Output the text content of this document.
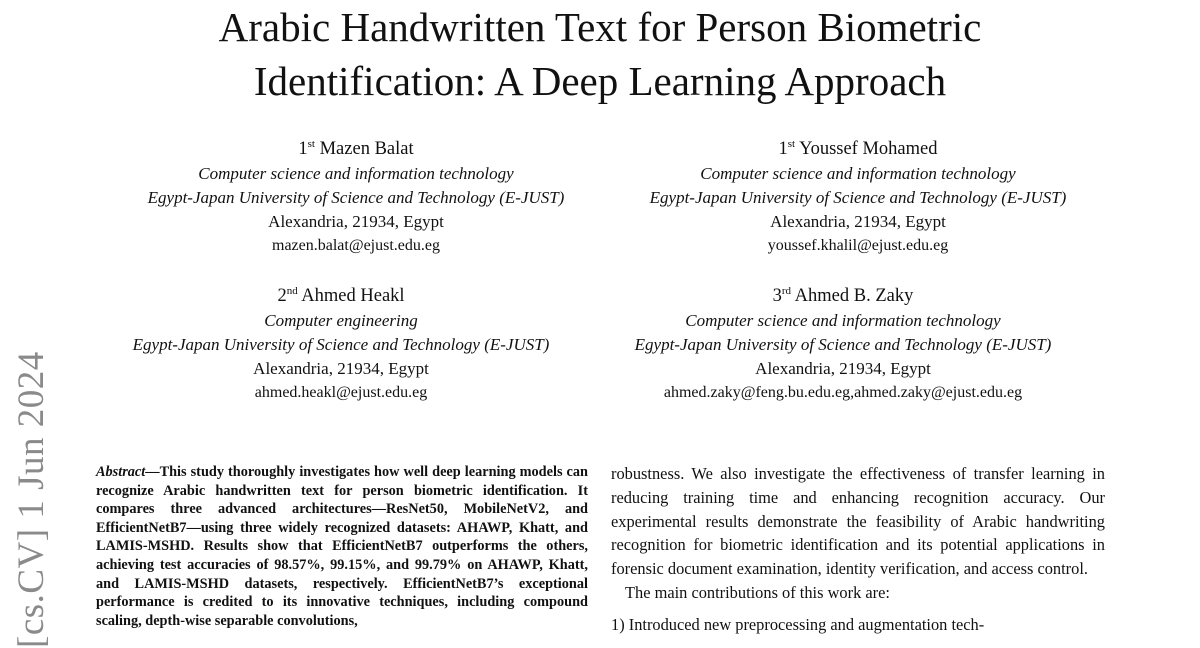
Arabic Handwritten Text for Person Biometric
Identification: A Deep Learning Approach
1st Mazen Balat
Computer science and information technology
Egypt-Japan University of Science and Technology (E-JUST)
Alexandria, 21934, Egypt
mazen.balat@ejust.edu.eg
1st Youssef Mohamed
Computer science and information technology
Egypt-Japan University of Science and Technology (E-JUST)
Alexandria, 21934, Egypt
youssef.khalil@ejust.edu.eg
2nd Ahmed Heakl
Computer engineering
Egypt-Japan University of Science and Technology (E-JUST)
Alexandria, 21934, Egypt
ahmed.heakl@ejust.edu.eg
3rd Ahmed B. Zaky
Computer science and information technology
Egypt-Japan University of Science and Technology (E-JUST)
Alexandria, 21934, Egypt
ahmed.zaky@feng.bu.edu.eg,ahmed.zaky@ejust.edu.eg
[cs.CV] 1 Jun 2024	Abstract—This study thoroughly investigates how well deep learning models can recognize Arabic handwritten text for person biometric identification. It compares three advanced architectures—ResNet50, MobileNetV2, and EfficientNetB7—using three widely recognized datasets: AHAWP, Khatt, and LAMIS-MSHD. Results show that EfficientNetB7 outperforms the others, achieving test accuracies of 98.57%, 99.15%, and 99.79% on AHAWP, Khatt, and LAMIS-MSHD datasets, respectively. EfficientNetB7’s exceptional performance is credited to its innovative techniques, including compound scaling, depth-wise separable convolutions,

robustness. We also investigate the effectiveness of transfer learning in reducing training time and enhancing recognition accuracy. Our experimental results demonstrate the feasibility of Arabic handwriting recognition for biometric identification and its potential applications in forensic document examination, identity verification, and access control.

The main contributions of this work are:

1) Introduced new preprocessing and augmentation tech-
